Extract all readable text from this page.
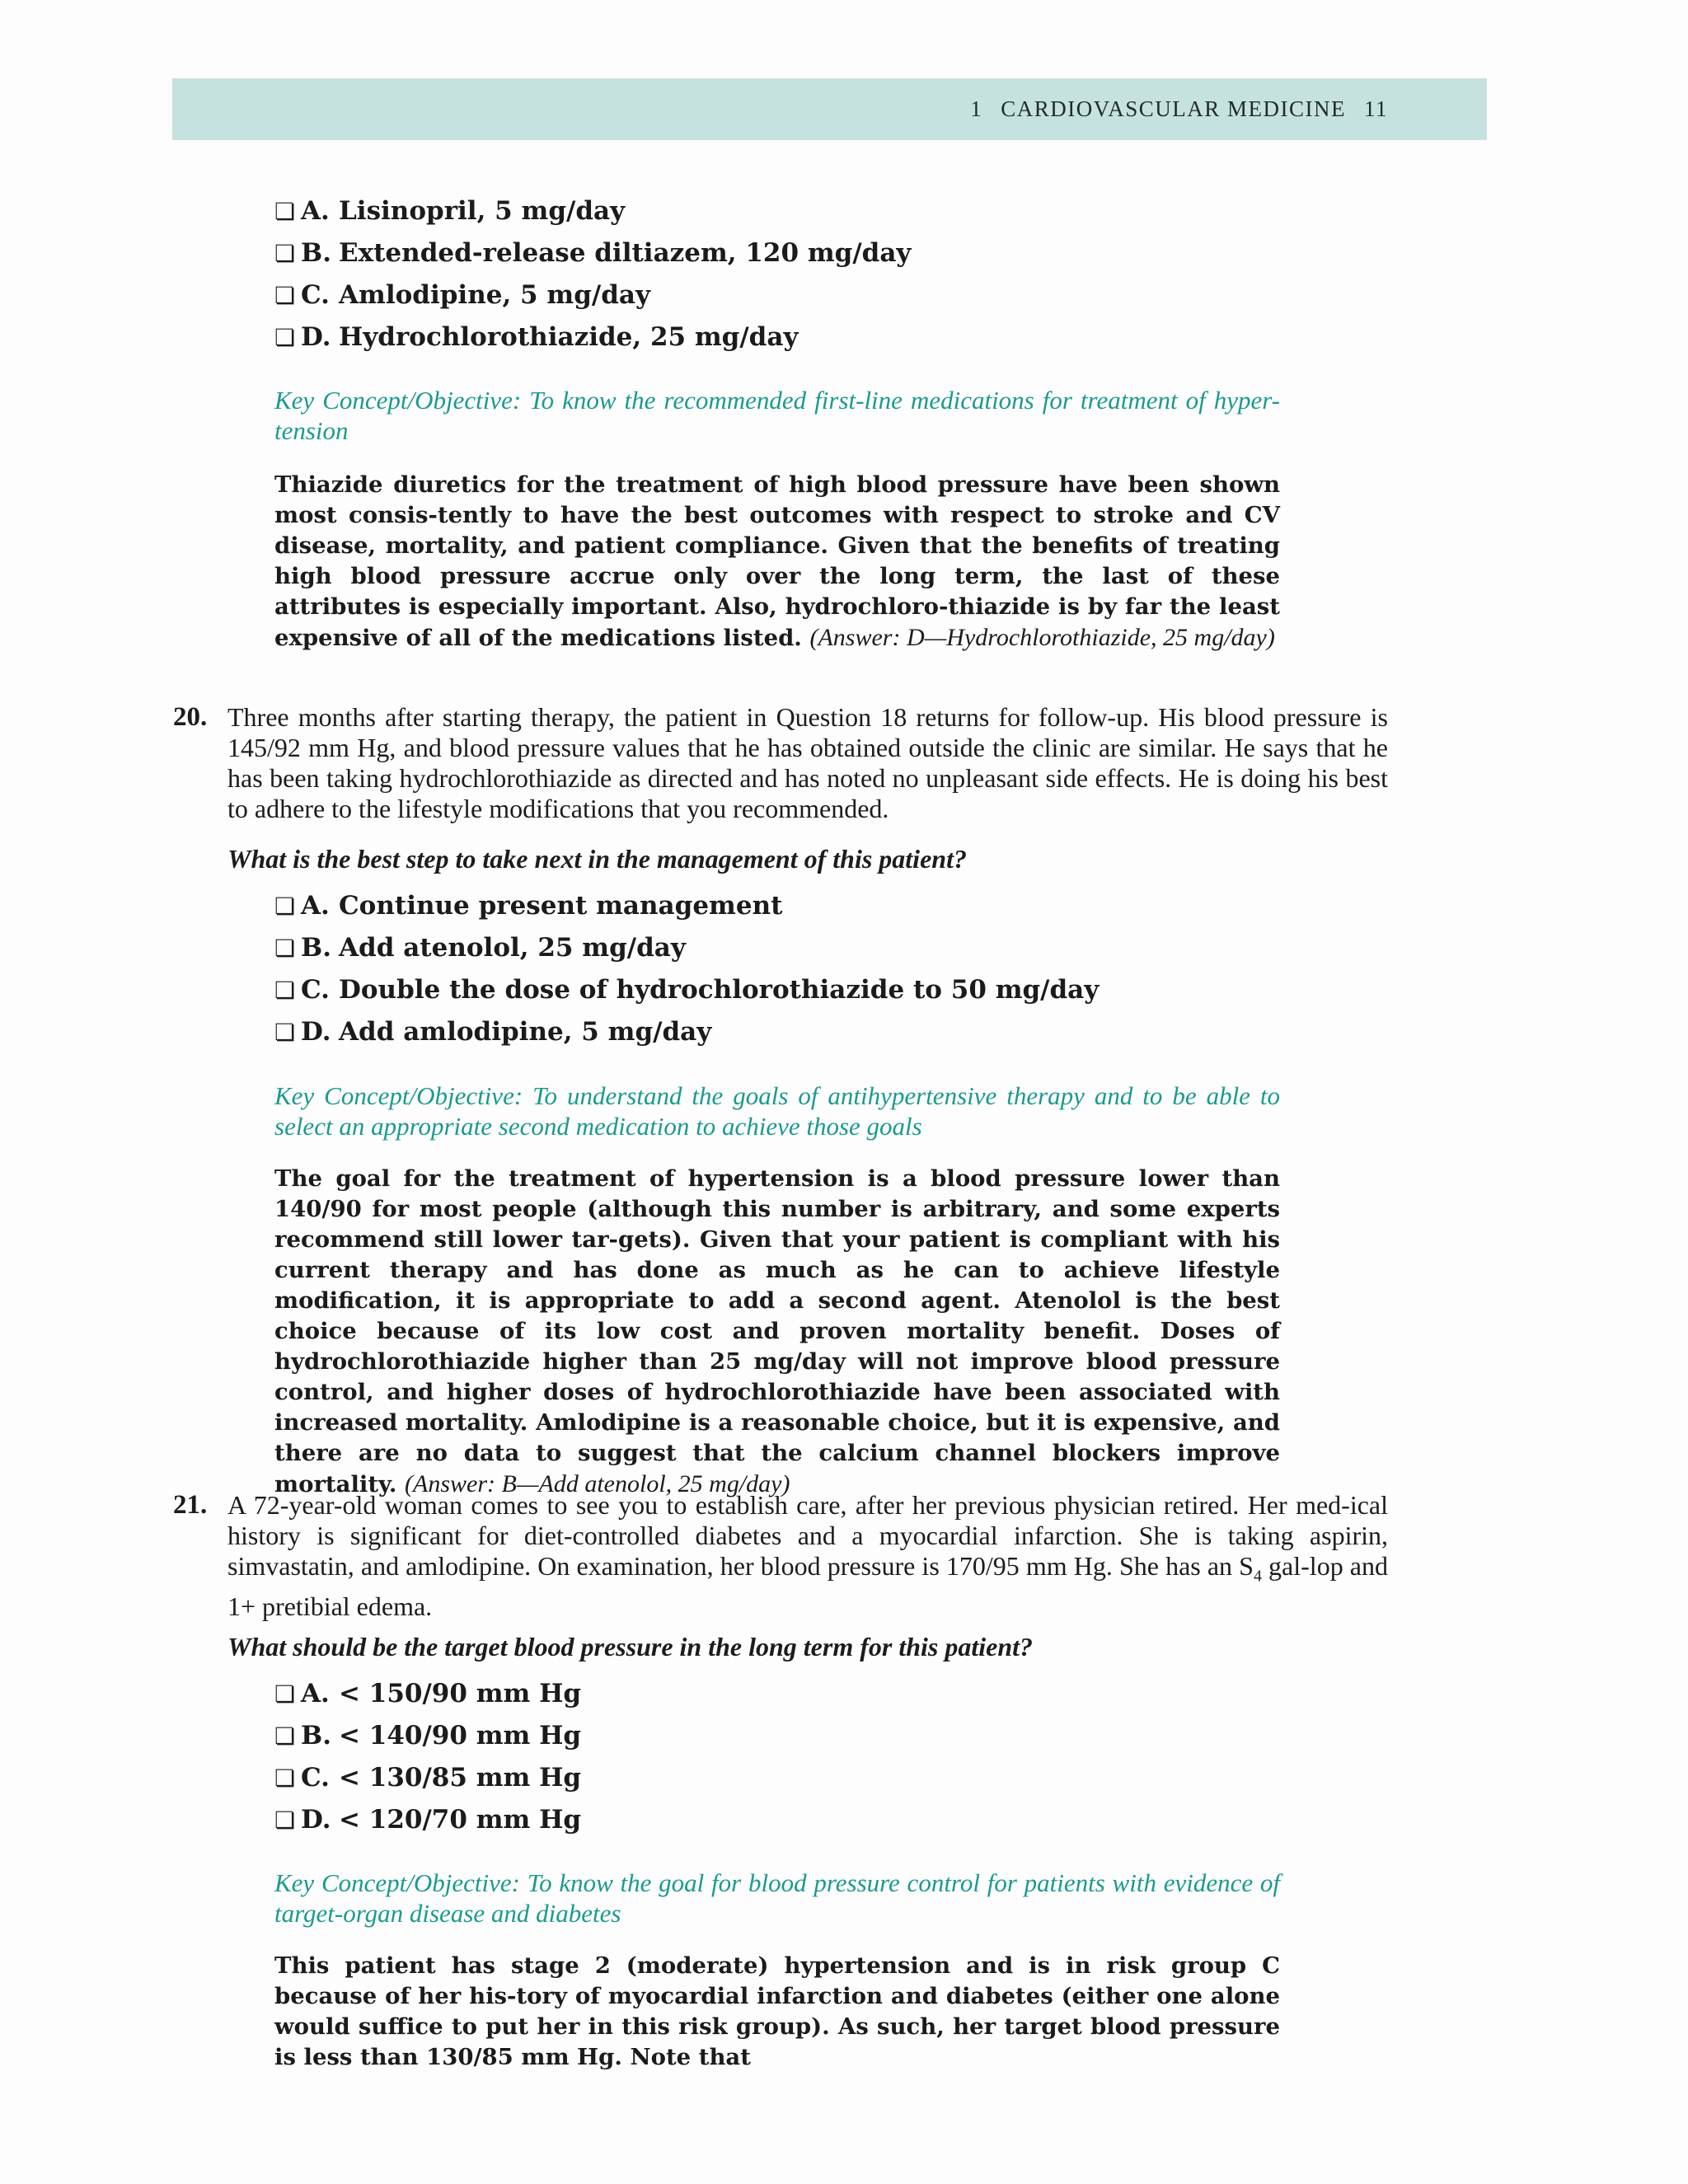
1 CARDIOVASCULAR MEDICINE 11
❏ A. Lisinopril, 5 mg/day
❏ B. Extended-release diltiazem, 120 mg/day
❏ C. Amlodipine, 5 mg/day
❏ D. Hydrochlorothiazide, 25 mg/day
Key Concept/Objective: To know the recommended first-line medications for treatment of hyper-tension
Thiazide diuretics for the treatment of high blood pressure have been shown most consis-tently to have the best outcomes with respect to stroke and CV disease, mortality, and patient compliance. Given that the benefits of treating high blood pressure accrue only over the long term, the last of these attributes is especially important. Also, hydrochloro-thiazide is by far the least expensive of all of the medications listed. (Answer: D—Hydrochlorothiazide, 25 mg/day)
20. Three months after starting therapy, the patient in Question 18 returns for follow-up. His blood pressure is 145/92 mm Hg, and blood pressure values that he has obtained outside the clinic are similar. He says that he has been taking hydrochlorothiazide as directed and has noted no unpleasant side effects. He is doing his best to adhere to the lifestyle modifications that you recommended.
What is the best step to take next in the management of this patient?
❏ A. Continue present management
❏ B. Add atenolol, 25 mg/day
❏ C. Double the dose of hydrochlorothiazide to 50 mg/day
❏ D. Add amlodipine, 5 mg/day
Key Concept/Objective: To understand the goals of antihypertensive therapy and to be able to select an appropriate second medication to achieve those goals
The goal for the treatment of hypertension is a blood pressure lower than 140/90 for most people (although this number is arbitrary, and some experts recommend still lower tar-gets). Given that your patient is compliant with his current therapy and has done as much as he can to achieve lifestyle modification, it is appropriate to add a second agent. Atenolol is the best choice because of its low cost and proven mortality benefit. Doses of hydrochlorothiazide higher than 25 mg/day will not improve blood pressure control, and higher doses of hydrochlorothiazide have been associated with increased mortality. Amlodipine is a reasonable choice, but it is expensive, and there are no data to suggest that the calcium channel blockers improve mortality. (Answer: B—Add atenolol, 25 mg/day)
21. A 72-year-old woman comes to see you to establish care, after her previous physician retired. Her med-ical history is significant for diet-controlled diabetes and a myocardial infarction. She is taking aspirin, simvastatin, and amlodipine. On examination, her blood pressure is 170/95 mm Hg. She has an $S_4$ gal-lop and 1+ pretibial edema.
What should be the target blood pressure in the long term for this patient?
❏ A. < 150/90 mm Hg
❏ B. < 140/90 mm Hg
❏ C. < 130/85 mm Hg
❏ D. < 120/70 mm Hg
Key Concept/Objective: To know the goal for blood pressure control for patients with evidence of target-organ disease and diabetes
This patient has stage 2 (moderate) hypertension and is in risk group C because of her his-tory of myocardial infarction and diabetes (either one alone would suffice to put her in this risk group). As such, her target blood pressure is less than 130/85 mm Hg. Note that
